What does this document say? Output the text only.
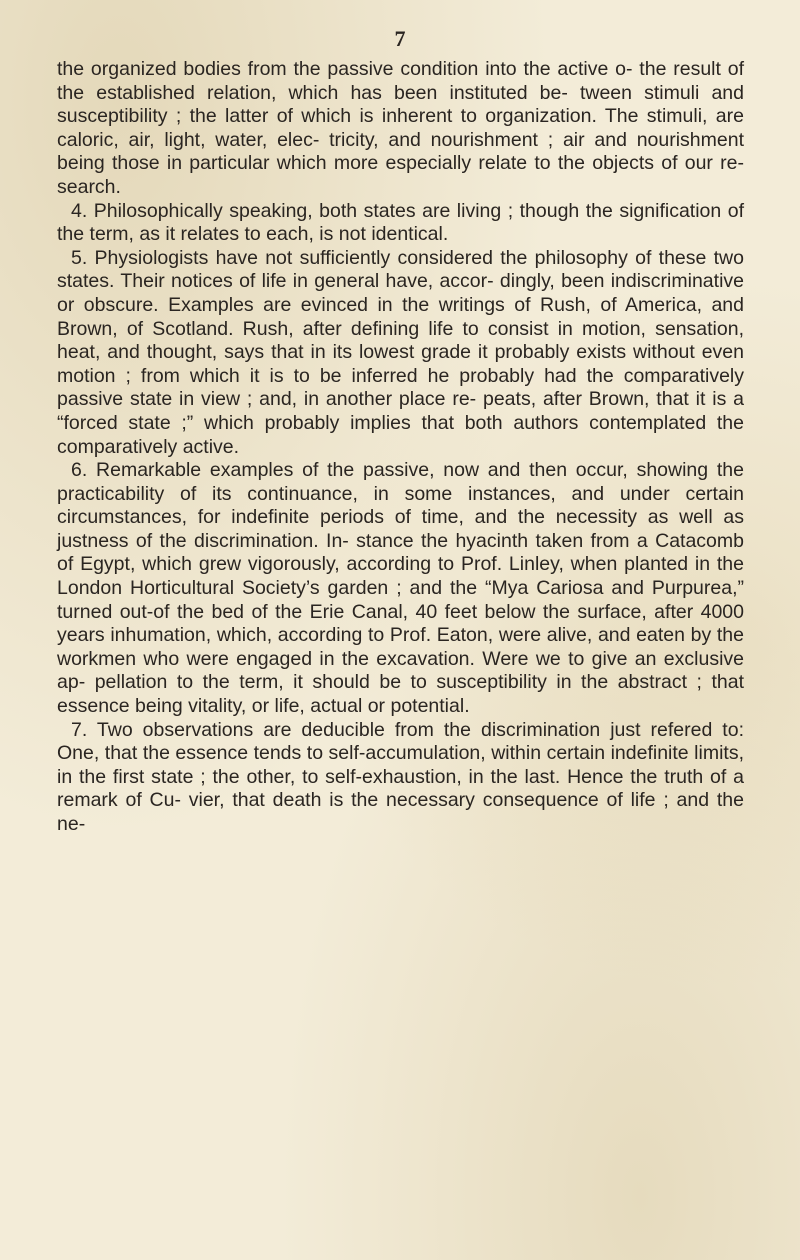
7

the organized bodies from the passive condition into the active ᴏ- the result of the established relation, which has been instituted be- tween stimuli and susceptibility ; the latter of which is inherent to organization. The stimuli, are caloric, air, light, water, elec- tricity, and nourishment ; air and nourishment being those in particular which more especially relate to the objects of our re- search.

4. Philosophically speaking, both states are living ; though the signification of the term, as it relates to each, is not identical.

5. Physiologists have not sufficiently considered the philosophy of these two states. Their notices of life in general have, accor- dingly, been indiscriminative or obscure. Examples are evinced in the writings of Rush, of America, and Brown, of Scotland. Rush, after defining life to consist in motion, sensation, heat, and thought, says that in its lowest grade it probably exists without even motion ; from which it is to be inferred he probably had the comparatively passive state in view ; and, in another place re- peats, after Brown, that it is a “forced state ;” which probably implies that both authors contemplated the comparatively active.

6. Remarkable examples of the passive, now and then occur, showing the practicability of its continuance, in some instances, and under certain circumstances, for indefinite periods of time, and the necessity as well as justness of the discrimination. In- stance the hyacinth taken from a Catacomb of Egypt, which grew vigorously, according to Prof. Linley, when planted in the London Horticultural Society’s garden ; and the “Mya Cariosa and Purpurea,” turned out-of the bed of the Erie Canal, 40 feet below the surface, after 4000 years inhumation, which, according to Prof. Eaton, were alive, and eaten by the workmen who were engaged in the excavation. Were we to give an exclusive ap- pellation to the term, it should be to susceptibility in the abstract ; that essence being vitality, or life, actual or potential.

7. Two observations are deducible from the discrimination just refered to: One, that the essence tends to self-accumulation, within certain indefinite limits, in the first state ; the other, to self-exhaustion, in the last. Hence the truth of a remark of Cu- vier, that death is the necessary consequence of life ; and the ne-
